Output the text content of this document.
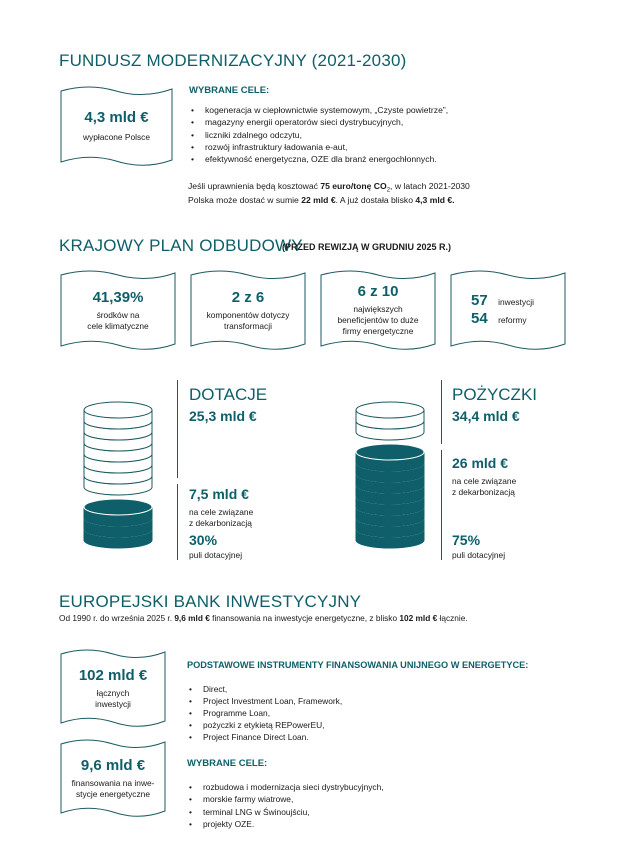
FUNDUSZ MODERNIZACYJNY (2021-2030)
4,3 mld €
wypłacone Polsce
WYBRANE CELE:
• kogeneracja w ciepłownictwie systemowym, „Czyste powietrze”,
• magazyny energii operatorów sieci dystrybucyjnych,
• liczniki zdalnego odczytu,
• rozwój infrastruktury ładowania e-aut,
• efektywność energetyczna, OZE dla branż energochłonnych.
Jeśli uprawnienia będą kosztować 75 euro/tonę $CO_2$, w latach 2021-2030
Polska może dostać w sumie 22 mld €. A już dostała blisko 4,3 mld €.
KRAJOWY PLAN ODBUDOWY
(PRZED REWIZJĄ W GRUDNIU 2025 R.)
41,39%
środków na
cele klimatyczne
2 z 6
komponentów dotyczy
transformacji
6 z 10
największych
beneficjentów to duże
firmy energetyczne
57 inwestycji
54 reformy
DOTACJE
25,3 mld €
7,5 mld €
na cele związane
z dekarbonizacją
30%
puli dotacyjnej
POŻYCZKI
34,4 mld €
26 mld €
na cele związane
z dekarbonizacją
75%
puli dotacyjnej
EUROPEJSKI BANK INWESTYCYJNY
Od 1990 r. do września 2025 r. 9,6 mld € finansowania na inwestycje energetyczne, z blisko 102 mld € łącznie.
102 mld €
łącznych
inwestycji
9,6 mld €
finansowania na inwe-
stycje energetyczne
PODSTAWOWE INSTRUMENTY FINANSOWANIA UNIJNEGO W ENERGETYCE:
• Direct,
• Project Investment Loan, Framework,
• Programme Loan,
• pożyczki z etykietą REPowerEU,
• Project Finance Direct Loan.
WYBRANE CELE:
• rozbudowa i modernizacja sieci dystrybucyjnych,
• morskie farmy wiatrowe,
• terminal LNG w Świnoujściu,
• projekty OZE.
